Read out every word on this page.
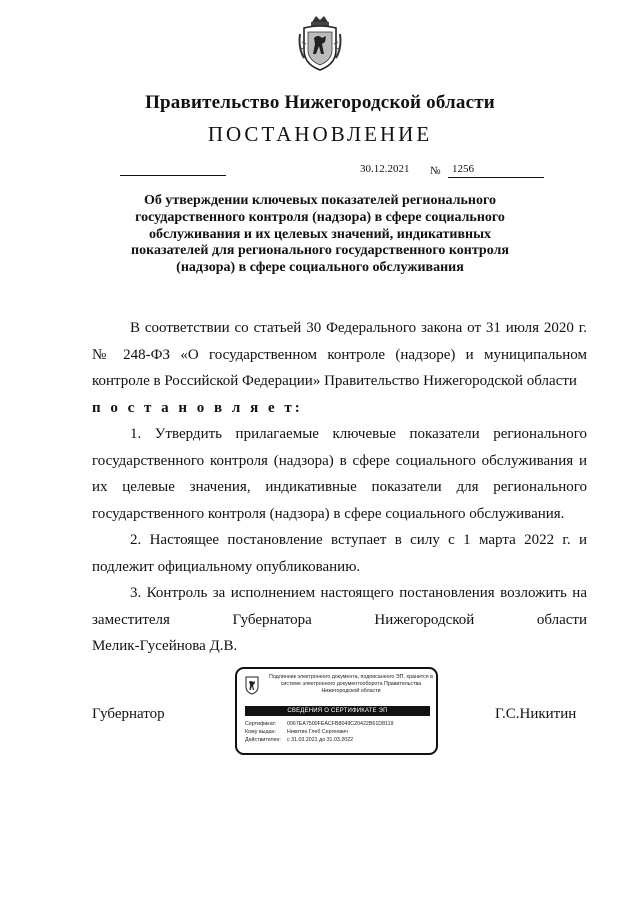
Правительство Нижегородской области
ПОСТАНОВЛЕНИЕ
30.12.2021 № 1256
Об утверждении ключевых показателей регионального государственного контроля (надзора) в сфере социального обслуживания и их целевых значений, индикативных показателей для регионального государственного контроля (надзора) в сфере социального обслуживания

В соответствии со статьей 30 Федерального закона от 31 июля 2020 г. № 248-ФЗ «О государственном контроле (надзоре) и муниципальном контроле в Российской Федерации» Правительство Нижегородской области

п о с т а н о в л я е т:

1. Утвердить прилагаемые ключевые показатели регионального государственного контроля (надзора) в сфере социального обслуживания и их целевые значения, индикативные показатели для регионального государственного контроля (надзора) в сфере социального обслуживания.

2. Настоящее постановление вступает в силу с 1 марта 2022 г. и подлежит официальному опубликованию.

3. Контроль за исполнением настоящего постановления возложить на заместителя Губернатора Нижегородской области

Мелик-Гусейнова Д.В.

Губернатор	Г.С.Никитин
Подлинник электронного документа, подписанного ЭП, хранится в системе электронного документооборота Правительства Нижегородской области
СВЕДЕНИЯ О СЕРТИФИКАТЕ ЭП
Сертификат: 0067EA7500FEACFB8049C20422B61D8119
Кому выдан: Никитин Глеб Сергеевич
Действителен: с 31.03.2021 до 31.03.2022
